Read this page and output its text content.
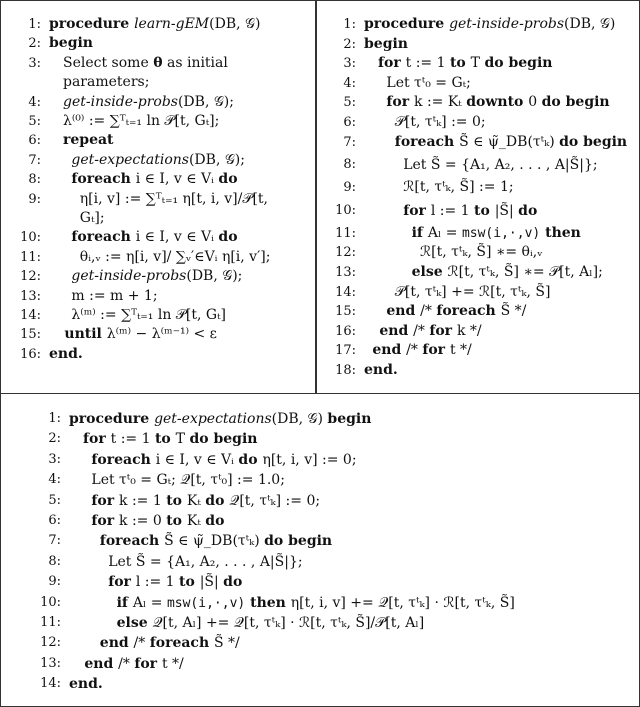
1: procedure learn-gEM(DB, 𝒢)
2: begin
3: Select some θ as initial parameters;
4: get-inside-probs(DB, 𝒢);
5: λ⁽⁰⁾ := ∑ᵀₜ₌₁ ln 𝒫[t, Gₜ];
6: repeat
7: get-expectations(DB, 𝒢);
8: foreach i ∈ I, v ∈ Vᵢ do
9:	η[i, v] := ∑ᵀₜ₌₁ η[t, i, v]/𝒫[t, Gₜ];
10: foreach i ∈ I, v ∈ Vᵢ do
11:	θᵢ,ᵥ := η[i, v]/ ∑ᵥ′∈Vᵢ η[i, v′];
12: get-inside-probs(DB, 𝒢);
13: m := m + 1;
14: λ⁽ᵐ⁾ := ∑ᵀₜ₌₁ ln 𝒫[t, Gₜ]
15: until λ⁽ᵐ⁾ − λ⁽ᵐ⁻¹⁾ < ε
16: end.
1: procedure get-inside-probs(DB, 𝒢)
2: begin
3: for t := 1 to T do begin
4: Let τᵗ₀ = Gₜ;
5: for k := Kₜ downto 0 do begin
6:	𝒫[t, τᵗₖ] := 0;
7:	foreach S̃ ∈ ψ̃_DB(τᵗₖ) do begin
8:	Let S̃ = {A₁, A₂, . . . , A|S̃|};
9:	ℛ[t, τᵗₖ, S̃] := 1;
10:	for l := 1 to |S̃| do
11:	if Aₗ = msw(i,·,v) then
12:	ℛ[t, τᵗₖ, S̃] ∗= θᵢ,ᵥ
13:	else ℛ[t, τᵗₖ, S̃] ∗= 𝒫[t, Aₗ];
14:	𝒫[t, τᵗₖ] += ℛ[t, τᵗₖ, S̃]
15: end /* foreach S̃ */
16: end /* for k */
17: end /* for t */
18: end.
1: procedure get-expectations(DB, 𝒢) begin
2: for t := 1 to T do begin
3: foreach i ∈ I, v ∈ Vᵢ do η[t, i, v] := 0;
4: Let τᵗ₀ = Gₜ; 𝒬[t, τᵗ₀] := 1.0;
5: for k := 1 to Kₜ do 𝒬[t, τᵗₖ] := 0;
6: for k := 0 to Kₜ do
7:	foreach S̃ ∈ ψ̃_DB(τᵗₖ) do begin
8:	Let S̃ = {A₁, A₂, . . . , A|S̃|};
9:	for l := 1 to |S̃| do
10:	if Aₗ = msw(i,·,v) then η[t, i, v] += 𝒬[t, τᵗₖ] · ℛ[t, τᵗₖ, S̃]
11:	else 𝒬[t, Aₗ] += 𝒬[t, τᵗₖ] · ℛ[t, τᵗₖ, S̃]/𝒫[t, Aₗ]
12:	end /* foreach S̃ */
13: end /* for t */
14: end.
